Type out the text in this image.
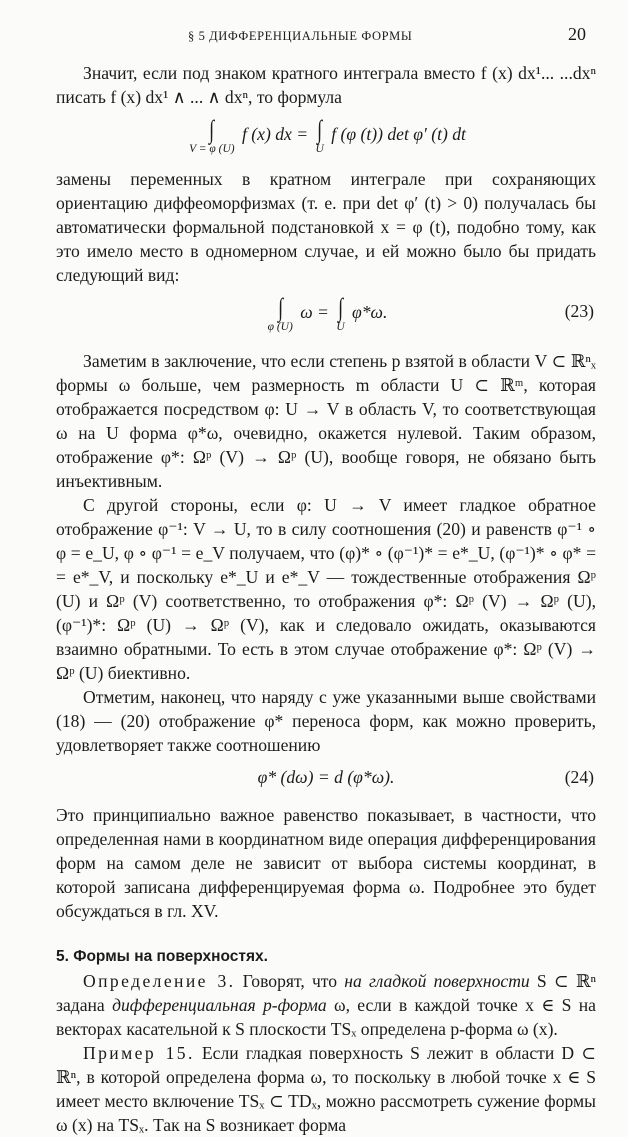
§ 5 ДИФФЕРЕНЦИАЛЬНЫЕ ФОРМЫ	20

Значит, если под знаком кратного интеграла вместо f (x) dx¹... ...dxⁿ писать f (x) dx¹ ∧ ... ∧ dxⁿ, то формула

∫
V = φ (U)
f (x) dx = ∫
U
f (φ (t)) det φ′ (t) dt

замены переменных в кратном интеграле при сохраняющих ориентацию диффеоморфизмах (т. е. при det φ′ (t) > 0) получалась бы автоматически формальной подстановкой x = φ (t), подобно тому, как это имело место в одномерном случае, и ей можно было бы придать следующий вид:

∫
φ (U)
ω = ∫
U
φ*ω.	(23)

Заметим в заключение, что если степень p взятой в области V ⊂ ℝⁿₓ формы ω больше, чем размерность m области U ⊂ ℝᵐ, которая отображается посредством φ: U → V в область V, то соответствующая ω на U форма φ*ω, очевидно, окажется нулевой. Таким образом, отображение φ*: Ωᵖ (V) → Ωᵖ (U), вообще говоря, не обязано быть инъективным.

С другой стороны, если φ: U → V имеет гладкое обратное отображение φ⁻¹: V → U, то в силу соотношения (20) и равенств φ⁻¹ ∘ φ = e_U, φ ∘ φ⁻¹ = e_V получаем, что (φ)* ∘ (φ⁻¹)* = e*_U, (φ⁻¹)* ∘ φ* = = e*_V, и поскольку e*_U и e*_V — тождественные отображения Ωᵖ (U) и Ωᵖ (V) соответственно, то отображения φ*: Ωᵖ (V) → Ωᵖ (U), (φ⁻¹)*: Ωᵖ (U) → Ωᵖ (V), как и следовало ожидать, оказываются взаимно обратными. То есть в этом случае отображение φ*: Ωᵖ (V) → Ωᵖ (U) биективно.

Отметим, наконец, что наряду с уже указанными выше свойствами (18) — (20) отображение φ* переноса форм, как можно проверить, удовлетворяет также соотношению

φ* (dω) = d (φ*ω).	(24)

Это принципиально важное равенство показывает, в частности, что определенная нами в координатном виде операция дифференцирования форм на самом деле не зависит от выбора системы координат, в которой записана дифференцируемая форма ω. Подробнее это будет обсуждаться в гл. XV.

5. Формы на поверхностях.

Определение 3. Говорят, что на гладкой поверхности S ⊂ ℝⁿ задана дифференциальная p-форма ω, если в каждой точке x ∈ S на векторах касательной к S плоскости TSₓ определена p-форма ω (x).

Пример 15. Если гладкая поверхность S лежит в области D ⊂ ℝⁿ, в которой определена форма ω, то поскольку в любой точке x ∈ S имеет место включение TSₓ ⊂ TDₓ, можно рассмотреть сужение формы ω (x) на TSₓ. Так на S возникает форма
